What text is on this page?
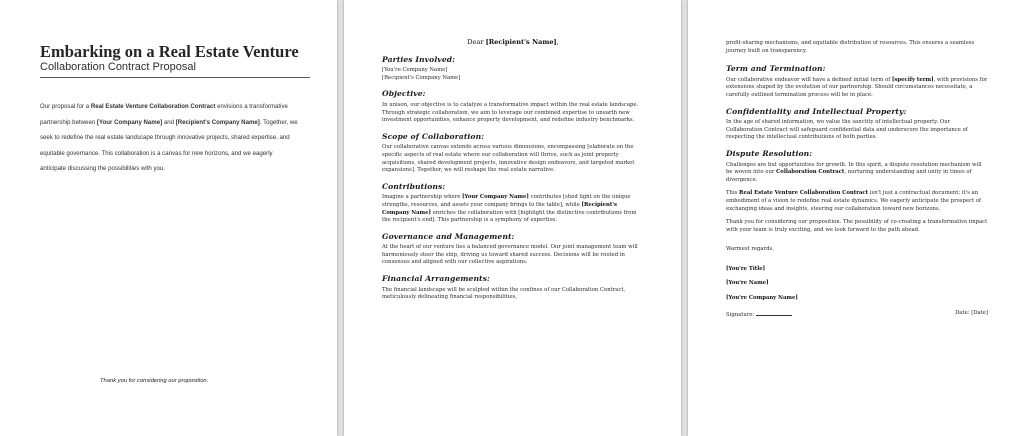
Embarking on a Real Estate Venture
Collaboration Contract Proposal
Our proposal for a Real Estate Venture Collaboration Contract envisions a transformative partnership between [Your Company Name] and [Recipient's Company Name]. Together, we seek to redefine the real estate landscape through innovative projects, shared expertise, and equitable governance. This collaboration is a canvas for new horizons, and we eagerly anticipate discussing the possibilities with you.
Thank you for considering our proposition.
Dear [Recipient's Name],
Parties Involved:

[You're Company Name]

[Recipient's Company Name]

Objective:

In unison, our objective is to catalyze a transformative impact within the real estate landscape. Through strategic collaboration, we aim to leverage our combined expertise to unearth new investment opportunities, enhance property development, and redefine industry benchmarks.

Scope of Collaboration:

Our collaborative canvas extends across various dimensions, encompassing [elaborate on the specific aspects of real estate where our collaboration will thrive, such as joint property acquisitions, shared development projects, innovative design endeavors, and targeted market expansions]. Together, we will reshape the real estate narrative.

Contributions:

Imagine a partnership where [Your Company Name] contributes [shed light on the unique strengths, resources, and assets your company brings to the table], while [Recipient's Company Name] enriches the collaboration with [highlight the distinctive contributions from the recipient's end]. This partnership is a symphony of expertise.

Governance and Management:

At the heart of our venture lies a balanced governance model. Our joint management team will harmoniously steer the ship, driving us toward shared success. Decisions will be rooted in consensus and aligned with our collective aspirations.

Financial Arrangements:

The financial landscape will be sculpted within the confines of our Collaboration Contract, meticulously delineating financial responsibilities,

profit-sharing mechanisms, and equitable distribution of resources. This ensures a seamless journey built on transparency.

Term and Termination:

Our collaborative endeavor will have a defined initial term of [specify term], with provisions for extensions shaped by the evolution of our partnership. Should circumstances necessitate, a carefully outlined termination process will be in place.

Confidentiality and Intellectual Property:

In the age of shared information, we value the sanctity of intellectual property. Our Collaboration Contract will safeguard confidential data and underscore the importance of respecting the intellectual contributions of both parties.

Dispute Resolution:

Challenges are but opportunities for growth. In this spirit, a dispute resolution mechanism will be woven into our Collaboration Contract, nurturing understanding and unity in times of divergence.

This Real Estate Venture Collaboration Contract isn't just a contractual document; it's an embodiment of a vision to redefine real estate dynamics. We eagerly anticipate the prospect of exchanging ideas and insights, steering our collaboration toward new horizons.

Thank you for considering our proposition. The possibility of co-creating a transformative impact with your team is truly exciting, and we look forward to the path ahead.

Warmest regards,

[You're Title]

[You're Name]

[You're Company Name]

Signature:	Date: [Date]
